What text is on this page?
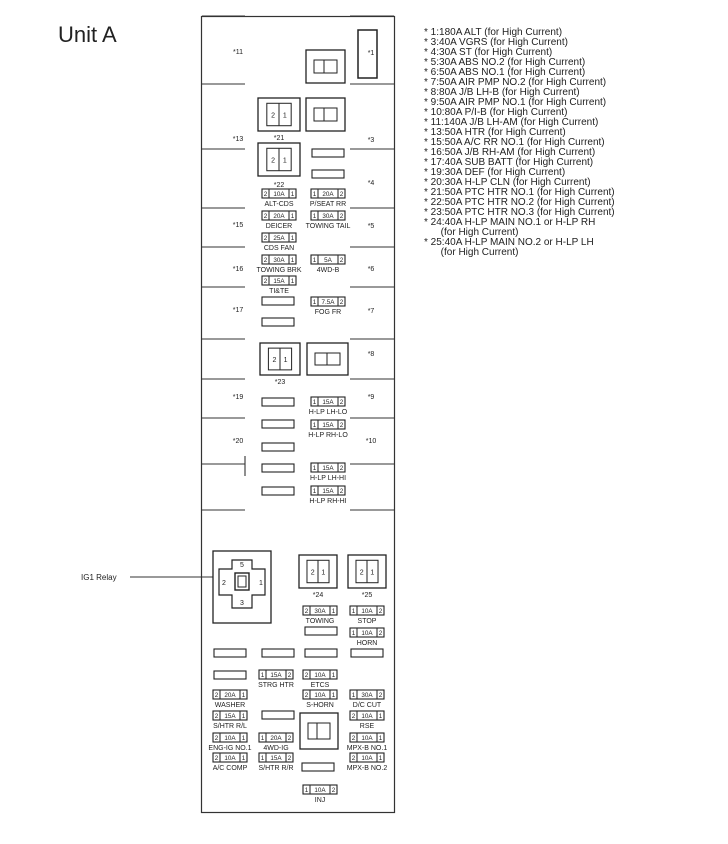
Unit A	* 1:180A ALT (for High Current)
* 3:40A VGRS (for High Current)
* 4:30A ST (for High Current)
* 5:30A ABS NO.2 (for High Current)
* 6:50A ABS NO.1 (for High Current)
* 7:50A AIR PMP NO.2 (for High Current)
* 8:80A J/B LH-B (for High Current)
* 9:50A AIR PMP NO.1 (for High Current)
* 10:80A P/I-B (for High Current)
* 11:140A J/B LH-AM (for High Current)
* 13:50A HTR (for High Current)
* 15:50A A/C RR NO.1 (for High Current)
* 16:50A J/B RH-AM (for High Current)
* 17:40A SUB BATT (for High Current)
* 19:30A DEF (for High Current)
* 20:30A H-LP CLN (for High Current)
* 21:50A PTC HTR NO.1 (for High Current)
* 22:50A PTC HTR NO.2 (for High Current)
* 23:50A PTC HTR NO.3 (for High Current)
* 24:40A H-LP MAIN NO.1 or H-LP RH
(for High Current)
* 25:40A H-LP MAIN NO.2 or H-LP LH
(for High Current)
*11
*13
*15
*16
*17
*19
*20
*1
*3
*4
*5
*6
*7
*8
*9
*10
2 1
*21
2 1
*22
2 1
*23
2 1
*24
2 1
*25
2 10A 1
ALT-CDS
1 20A 2
P/SEAT RR
2 20A 1
DEICER
1 30A 2
TOWING TAIL
2 25A 1
CDS FAN
2 30A 1
TOWING BRK
1 5A 2
4WD-B
2 15A 1
TI&TE
1 7.5A 2
FOG FR
1 15A 2
H-LP LH-LO
1 15A 2
H-LP RH-LO
1 15A 2
H-LP LH-HI
1 15A 2
H-LP RH-HI
IG1 Relay
5
2	1
3
2 30A 1
TOWING
1 10A 2
STOP
1 10A 2
HORN
1 15A 2
STRG HTR
2 10A 1
ETCS
2 20A 1
WASHER
2 10A 1
S-HORN
1 30A 2
D/C CUT
2 15A 1
S/HTR R/L
2 10A 1
RSE
2 10A 1
ENG-IG NO.1
1 20A 2
4WD-IG
2 10A 1
MPX-B NO.1
2 10A 1
A/C COMP
1 15A 2
S/HTR R/R
2 10A 1
MPX-B NO.2
1 10A 2
INJ
